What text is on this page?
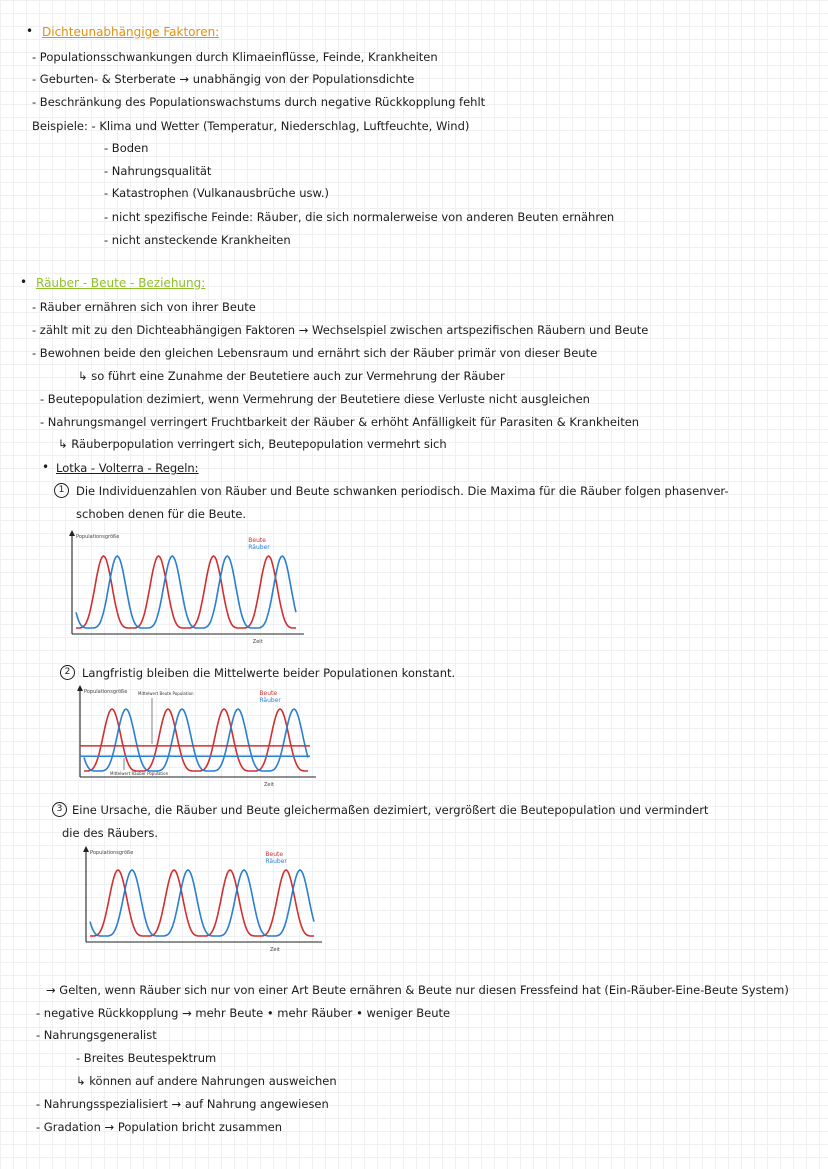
• Dichteunabhängige Faktoren:
- Populationsschwankungen durch Klimaeinflüsse, Feinde, Krankheiten
- Geburten- & Sterberate → unabhängig von der Populationsdichte
- Beschränkung des Populationswachstums durch negative Rückkopplung fehlt
Beispiele: - Klima und Wetter (Temperatur, Niederschlag, Luftfeuchte, Wind)
- Boden
- Nahrungsqualität
- Katastrophen (Vulkanausbrüche usw.)
- nicht spezifische Feinde: Räuber, die sich normalerweise von anderen Beuten ernähren
- nicht ansteckende Krankheiten
• Räuber - Beute - Beziehung:
- Räuber ernähren sich von ihrer Beute
- zählt mit zu den Dichteabhängigen Faktoren → Wechselspiel zwischen artspezifischen Räubern und Beute
- Bewohnen beide den gleichen Lebensraum und ernährt sich der Räuber primär von dieser Beute
↳ so führt eine Zunahme der Beutetiere auch zur Vermehrung der Räuber
- Beutepopulation dezimiert, wenn Vermehrung der Beutetiere diese Verluste nicht ausgleichen
- Nahrungsmangel verringert Fruchtbarkeit der Räuber & erhöht Anfälligkeit für Parasiten & Krankheiten
↳ Räuberpopulation verringert sich, Beutepopulation vermehrt sich
• Lotka - Volterra - Regeln:
1	Die Individuenzahlen von Räuber und Beute schwanken periodisch. Die Maxima für die Räuber folgen phasenver-
schoben denen für die Beute.
Populationsgröße
Zeit
Beute
Räuber
2	Langfristig bleiben die Mittelwerte beider Populationen konstant.
Populationsgröße
Zeit
Beute
Räuber
Mittelwert Beute Population
Mittelwert Räuber Population
3 Eine Ursache, die Räuber und Beute gleichermaßen dezimiert, vergrößert die Beutepopulation und vermindert
die des Räubers.
Populationsgröße
Zeit
Beute
Räuber
→ Gelten, wenn Räuber sich nur von einer Art Beute ernähren & Beute nur diesen Fressfeind hat (Ein-Räuber-Eine-Beute System)
- negative Rückkopplung → mehr Beute • mehr Räuber • weniger Beute
- Nahrungsgeneralist
- Breites Beutespektrum
↳ können auf andere Nahrungen ausweichen
- Nahrungsspezialisiert → auf Nahrung angewiesen
- Gradation → Population bricht zusammen
